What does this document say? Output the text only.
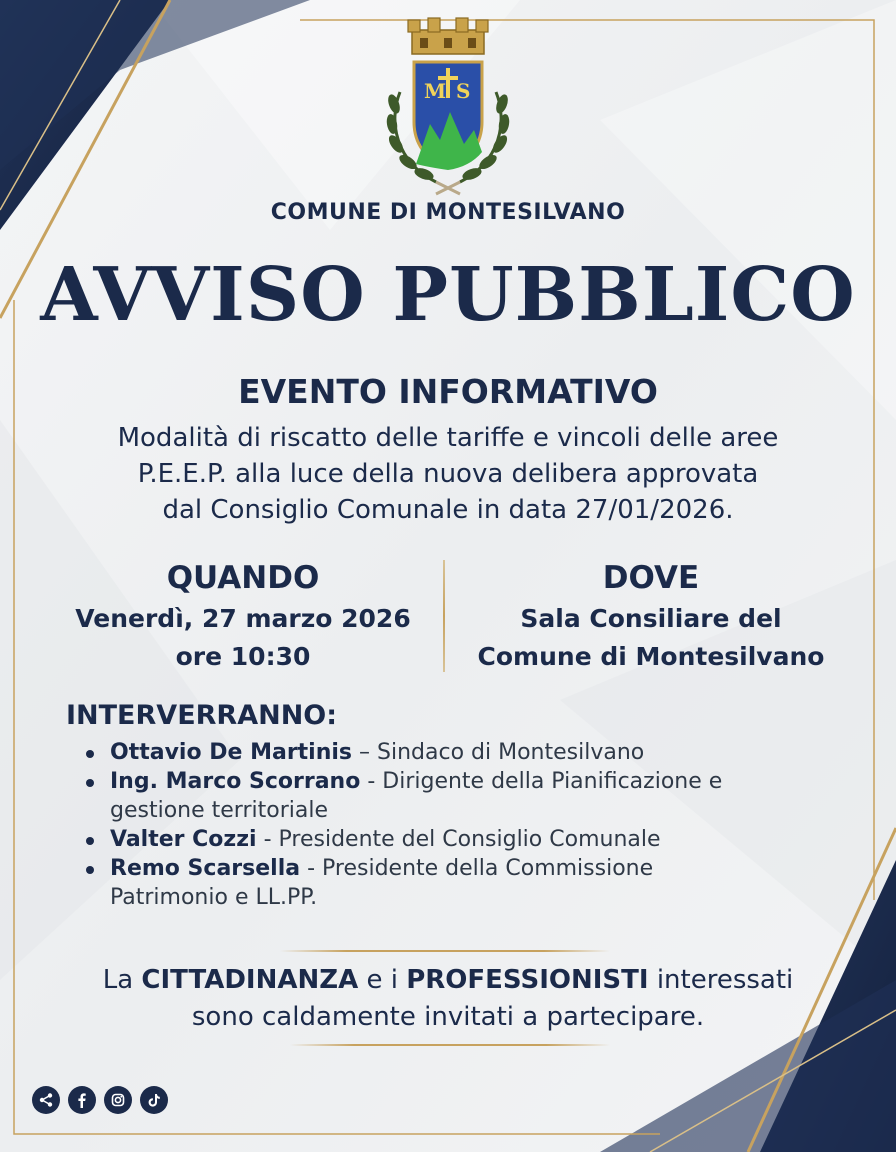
M S
COMUNE DI MONTESILVANO
AVVISO PUBBLICO
EVENTO INFORMATIVO
Modalità di riscatto delle tariffe e vincoli delle aree
P.E.E.P. alla luce della nuova delibera approvata
dal Consiglio Comunale in data 27/01/2026.
QUANDO
Venerdì, 27 marzo 2026
ore 10:30
DOVE
Sala Consiliare del
Comune di Montesilvano
INTERVERRANNO:
Ottavio De Martinis – Sindaco di Montesilvano
Ing. Marco Scorrano - Dirigente della Pianificazione e
gestione territoriale
Valter Cozzi - Presidente del Consiglio Comunale
Remo Scarsella - Presidente della Commissione
Patrimonio e LL.PP.
La CITTADINANZA e i PROFESSIONISTI interessati
sono caldamente invitati a partecipare.
